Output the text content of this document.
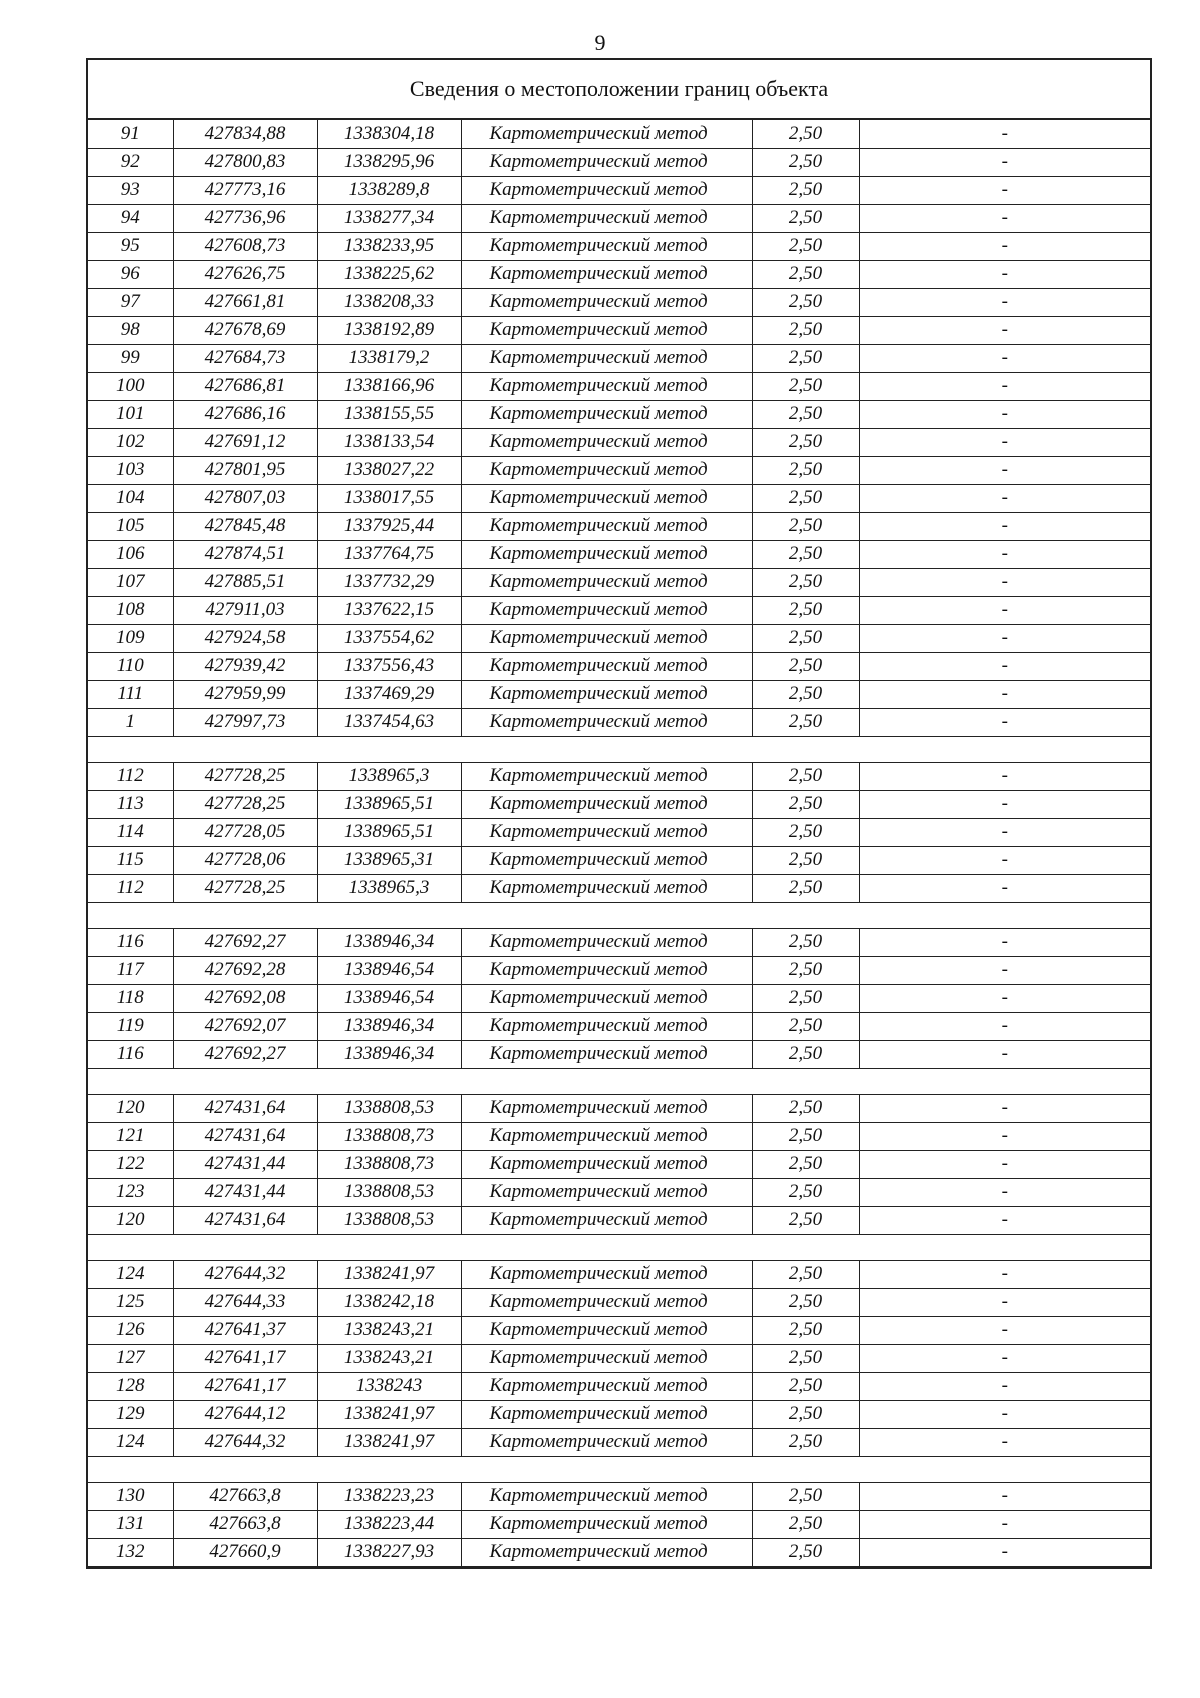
9
Сведения о местоположении границ объекта
91	427834,88	1338304,18	Картометрический метод	2,50	-
92	427800,83	1338295,96	Картометрический метод	2,50	-
93	427773,16	1338289,8	Картометрический метод	2,50	-
94	427736,96	1338277,34	Картометрический метод	2,50	-
95	427608,73	1338233,95	Картометрический метод	2,50	-
96	427626,75	1338225,62	Картометрический метод	2,50	-
97	427661,81	1338208,33	Картометрический метод	2,50	-
98	427678,69	1338192,89	Картометрический метод	2,50	-
99	427684,73	1338179,2	Картометрический метод	2,50	-
100	427686,81	1338166,96	Картометрический метод	2,50	-
101	427686,16	1338155,55	Картометрический метод	2,50	-
102	427691,12	1338133,54	Картометрический метод	2,50	-
103	427801,95	1338027,22	Картометрический метод	2,50	-
104	427807,03	1338017,55	Картометрический метод	2,50	-
105	427845,48	1337925,44	Картометрический метод	2,50	-
106	427874,51	1337764,75	Картометрический метод	2,50	-
107	427885,51	1337732,29	Картометрический метод	2,50	-
108	427911,03	1337622,15	Картометрический метод	2,50	-
109	427924,58	1337554,62	Картометрический метод	2,50	-
110	427939,42	1337556,43	Картометрический метод	2,50	-
111	427959,99	1337469,29	Картометрический метод	2,50	-
1	427997,73	1337454,63	Картометрический метод	2,50	-

112	427728,25	1338965,3	Картометрический метод	2,50	-
113	427728,25	1338965,51	Картометрический метод	2,50	-
114	427728,05	1338965,51	Картометрический метод	2,50	-
115	427728,06	1338965,31	Картометрический метод	2,50	-
112	427728,25	1338965,3	Картометрический метод	2,50	-

116	427692,27	1338946,34	Картометрический метод	2,50	-
117	427692,28	1338946,54	Картометрический метод	2,50	-
118	427692,08	1338946,54	Картометрический метод	2,50	-
119	427692,07	1338946,34	Картометрический метод	2,50	-
116	427692,27	1338946,34	Картометрический метод	2,50	-

120	427431,64	1338808,53	Картометрический метод	2,50	-
121	427431,64	1338808,73	Картометрический метод	2,50	-
122	427431,44	1338808,73	Картометрический метод	2,50	-
123	427431,44	1338808,53	Картометрический метод	2,50	-
120	427431,64	1338808,53	Картометрический метод	2,50	-

124	427644,32	1338241,97	Картометрический метод	2,50	-
125	427644,33	1338242,18	Картометрический метод	2,50	-
126	427641,37	1338243,21	Картометрический метод	2,50	-
127	427641,17	1338243,21	Картометрический метод	2,50	-
128	427641,17	1338243	Картометрический метод	2,50	-
129	427644,12	1338241,97	Картометрический метод	2,50	-
124	427644,32	1338241,97	Картометрический метод	2,50	-

130	427663,8	1338223,23	Картометрический метод	2,50	-
131	427663,8	1338223,44	Картометрический метод	2,50	-
132	427660,9	1338227,93	Картометрический метод	2,50	-
